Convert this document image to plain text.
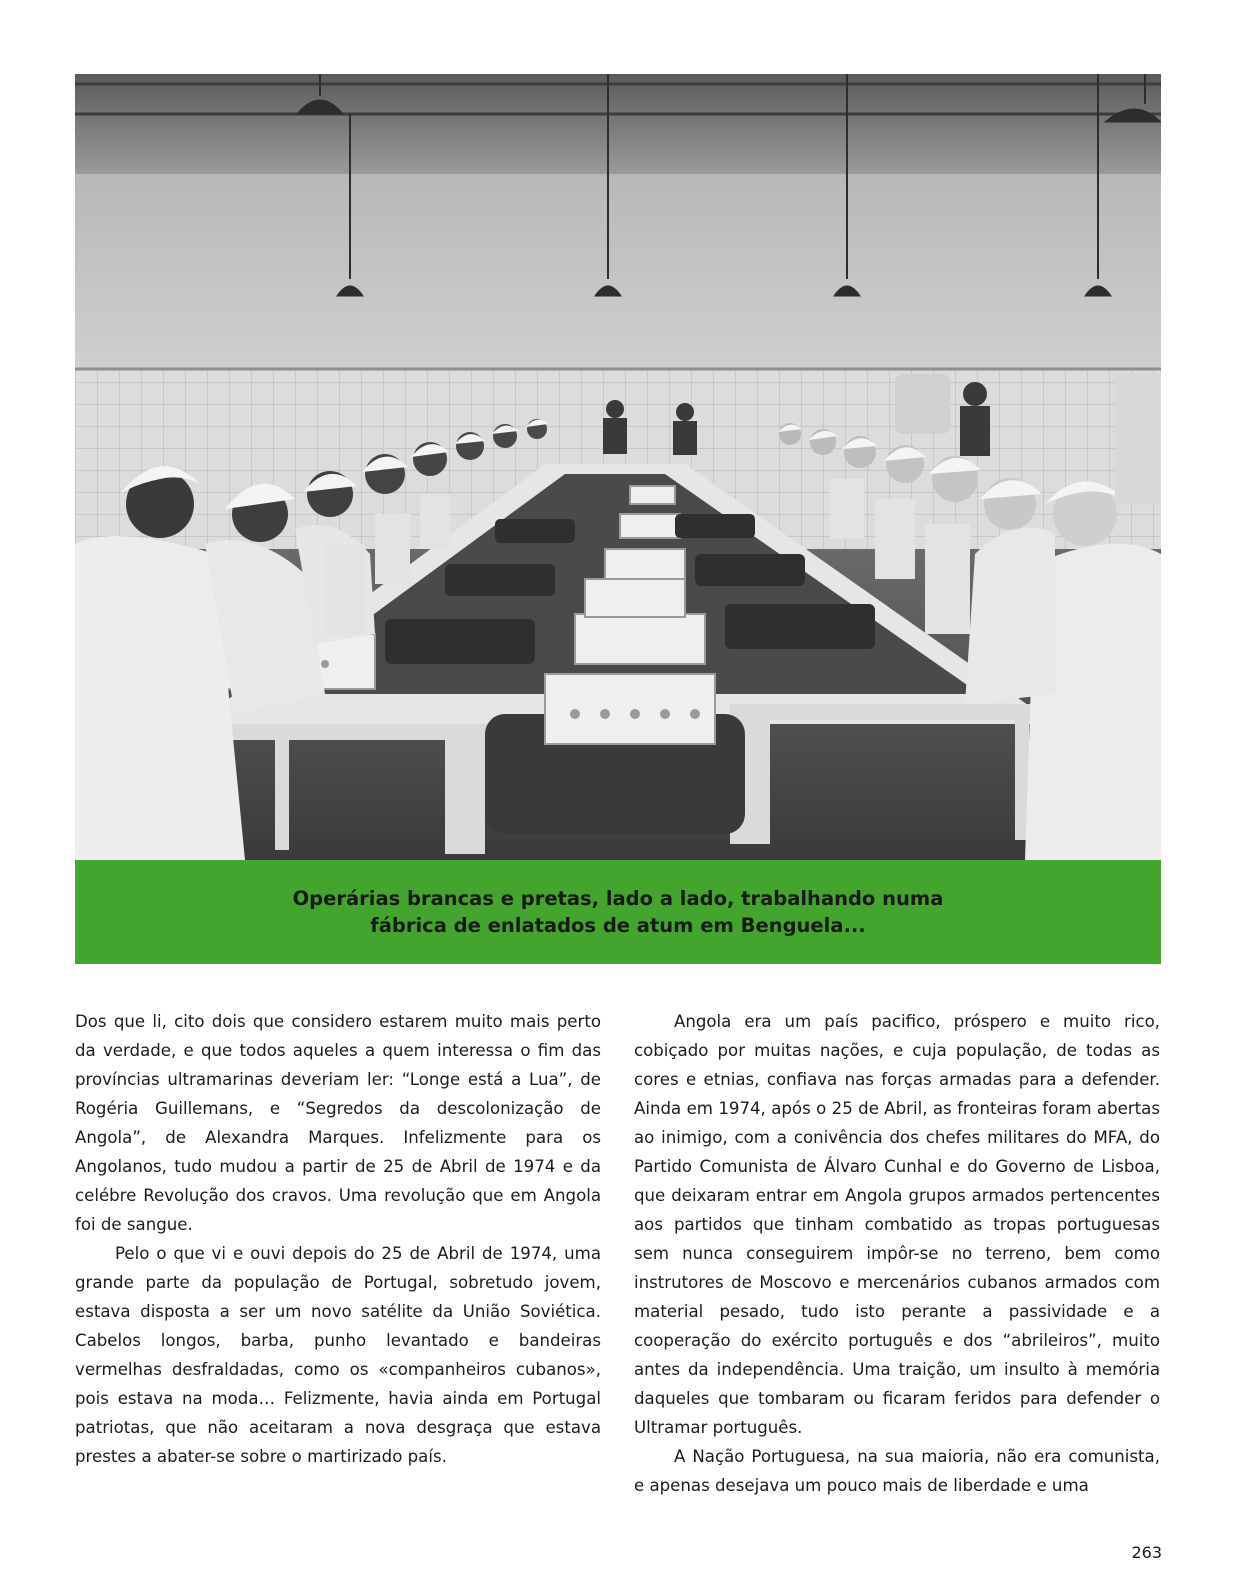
Operárias brancas e pretas, lado a lado, trabalhando numa
fábrica de enlatados de atum em Benguela...

Dos que li, cito dois que considero estarem muito mais perto da verdade, e que todos aqueles a quem interessa o fim das províncias ultramarinas deveriam ler: “Longe está a Lua”, de Rogéria Guillemans, e “Segredos da descolonização de Angola”, de Alexandra Marques. Infelizmente para os Angolanos, tudo mudou a partir de 25 de Abril de 1974 e da celébre Revolução dos cravos. Uma revolução que em Angola foi de sangue.

Pelo o que vi e ouvi depois do 25 de Abril de 1974, uma grande parte da população de Portugal, sobretudo jovem, estava disposta a ser um novo satélite da União Soviética. Cabelos longos, barba, punho levantado e bandeiras vermelhas desfraldadas, como os «companheiros cubanos», pois estava na moda… Felizmente, havia ainda em Portugal patriotas, que não aceitaram a nova desgraça que estava prestes a abater-se sobre o martirizado país.

Angola era um país pacifico, próspero e muito rico, cobiçado por muitas nações, e cuja população, de todas as cores e etnias, confiava nas forças armadas para a defender. Ainda em 1974, após o 25 de Abril, as fronteiras foram abertas ao inimigo, com a conivência dos chefes militares do MFA, do Partido Comunista de Álvaro Cunhal e do Governo de Lisboa, que deixaram entrar em Angola grupos armados pertencentes aos partidos que tinham combatido as tropas portuguesas sem nunca conseguirem impôr-se no terreno, bem como instrutores de Moscovo e mercenários cubanos armados com material pesado, tudo isto perante a passividade e a cooperação do exército português e dos “abrileiros”, muito antes da independência. Uma traição, um insulto à memória daqueles que tombaram ou ficaram feridos para defender o Ultramar português.

A Nação Portuguesa, na sua maioria, não era comunista, e apenas desejava um pouco mais de liberdade e uma

263
